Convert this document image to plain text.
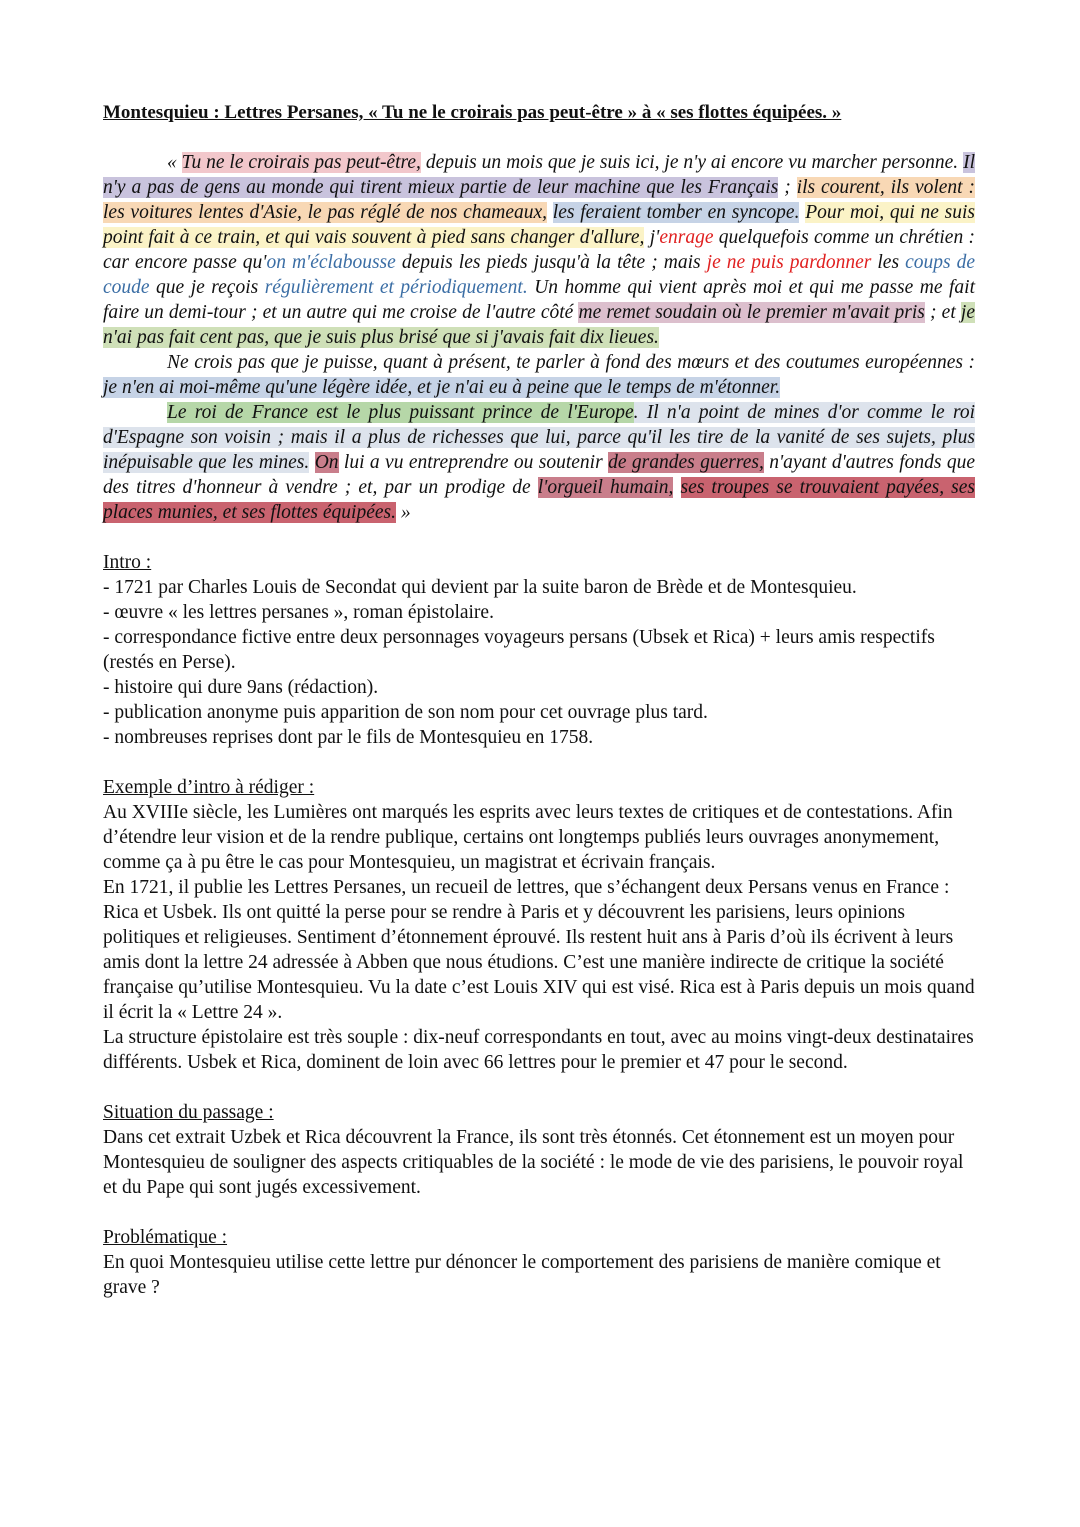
Montesquieu : Lettres Persanes, « Tu ne le croirais pas peut-être » à « ses flottes équipées. »

« Tu ne le croirais pas peut-être, depuis un mois que je suis ici, je n'y ai encore vu marcher personne. Il n'y a pas de gens au monde qui tirent mieux partie de leur machine que les Français ; ils courent, ils volent : les voitures lentes d'Asie, le pas réglé de nos chameaux, les feraient tomber en syncope. Pour moi, qui ne suis point fait à ce train, et qui vais souvent à pied sans changer d'allure, j'enrage quelquefois comme un chrétien : car encore passe qu'on m'éclabousse depuis les pieds jusqu'à la tête ; mais je ne puis pardonner les coups de coude que je reçois régulièrement et périodiquement. Un homme qui vient après moi et qui me passe me fait faire un demi-tour ; et un autre qui me croise de l'autre côté me remet soudain où le premier m'avait pris ; et je n'ai pas fait cent pas, que je suis plus brisé que si j'avais fait dix lieues.

Ne crois pas que je puisse, quant à présent, te parler à fond des mœurs et des coutumes européennes : je n'en ai moi-même qu'une légère idée, et je n'ai eu à peine que le temps de m'étonner.

Le roi de France est le plus puissant prince de l'Europe. Il n'a point de mines d'or comme le roi d'Espagne son voisin ; mais il a plus de richesses que lui, parce qu'il les tire de la vanité de ses sujets, plus inépuisable que les mines. On lui a vu entreprendre ou soutenir de grandes guerres, n'ayant d'autres fonds que des titres d'honneur à vendre ; et, par un prodige de l'orgueil humain, ses troupes se trouvaient payées, ses places munies, et ses flottes équipées. »

Intro :
- 1721 par Charles Louis de Secondat qui devient par la suite baron de Brède et de Montesquieu.
- œuvre « les lettres persanes », roman épistolaire.
- correspondance fictive entre deux personnages voyageurs persans (Ubsek et Rica) + leurs amis respectifs (restés en Perse).
- histoire qui dure 9ans (rédaction).
- publication anonyme puis apparition de son nom pour cet ouvrage plus tard.
- nombreuses reprises dont par le fils de Montesquieu en 1758.
Exemple d’intro à rédiger :

Au XVIIIe siècle, les Lumières ont marqués les esprits avec leurs textes de critiques et de contestations. Afin d’étendre leur vision et de la rendre publique, certains ont longtemps publiés leurs ouvrages anonymement, comme ça à pu être le cas pour Montesquieu, un magistrat et écrivain français.

En 1721, il publie les Lettres Persanes, un recueil de lettres, que s’échangent deux Persans venus en France : Rica et Usbek. Ils ont quitté la perse pour se rendre à Paris et y découvrent les parisiens, leurs opinions politiques et religieuses. Sentiment d’étonnement éprouvé. Ils restent huit ans à Paris d’où ils écrivent à leurs amis dont la lettre 24 adressée à Abben que nous étudions. C’est une manière indirecte de critique la société française qu’utilise Montesquieu. Vu la date c’est Louis XIV qui est visé. Rica est à Paris depuis un mois quand il écrit la « Lettre 24 ».

La structure épistolaire est très souple : dix-neuf correspondants en tout, avec au moins vingt-deux destinataires différents. Usbek et Rica, dominent de loin avec 66 lettres pour le premier et 47 pour le second.

Situation du passage :
Dans cet extrait Uzbek et Rica découvrent la France, ils sont très étonnés. Cet étonnement est un moyen pour Montesquieu de souligner des aspects critiquables de la société : le mode de vie des parisiens, le pouvoir royal et du Pape qui sont jugés excessivement.
Problématique :
En quoi Montesquieu utilise cette lettre pur dénoncer le comportement des parisiens de manière comique et grave ?
